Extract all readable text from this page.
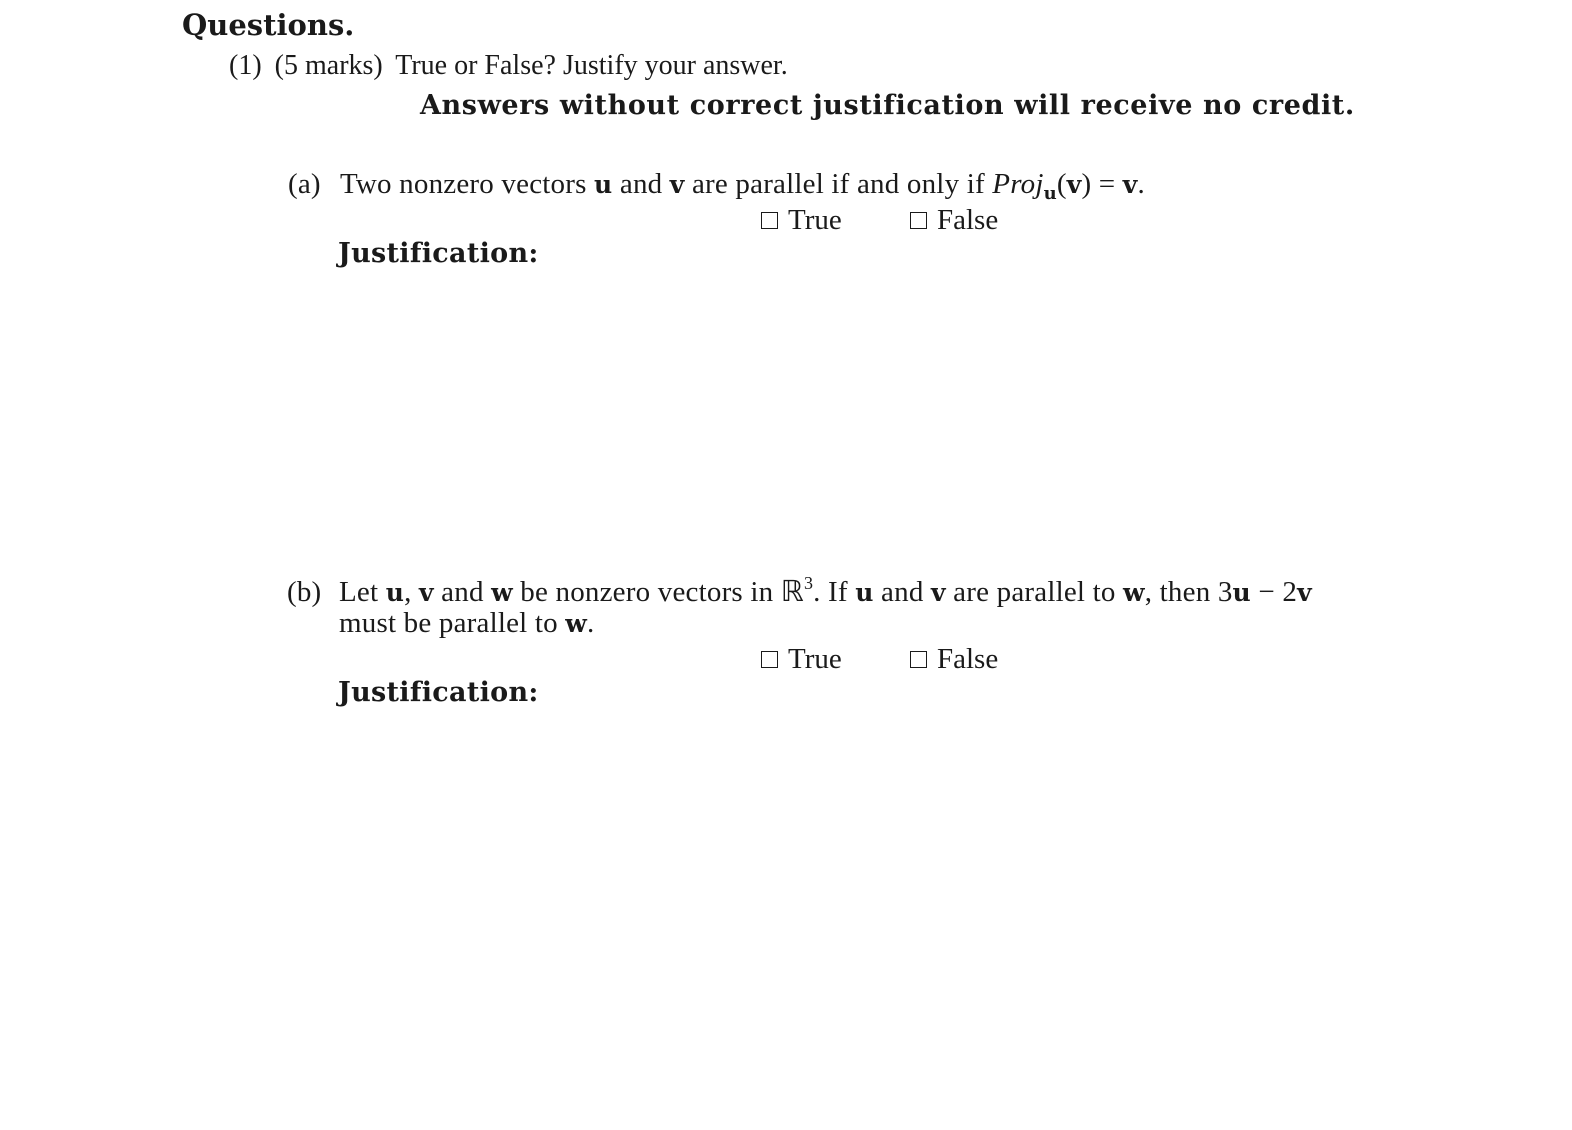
Questions.
(1) (5 marks) True or False? Justify your answer.
Answers without correct justification will receive no credit.
(a) Two nonzero vectors u and v are parallel if and only if Proj$_u$(v) = v.
True	False
Justification:
(b) Let u, v and w be nonzero vectors in ℝ$^3$. If u and v are parallel to w, then 3u − 2v
must be parallel to w.
True	False
Justification:
